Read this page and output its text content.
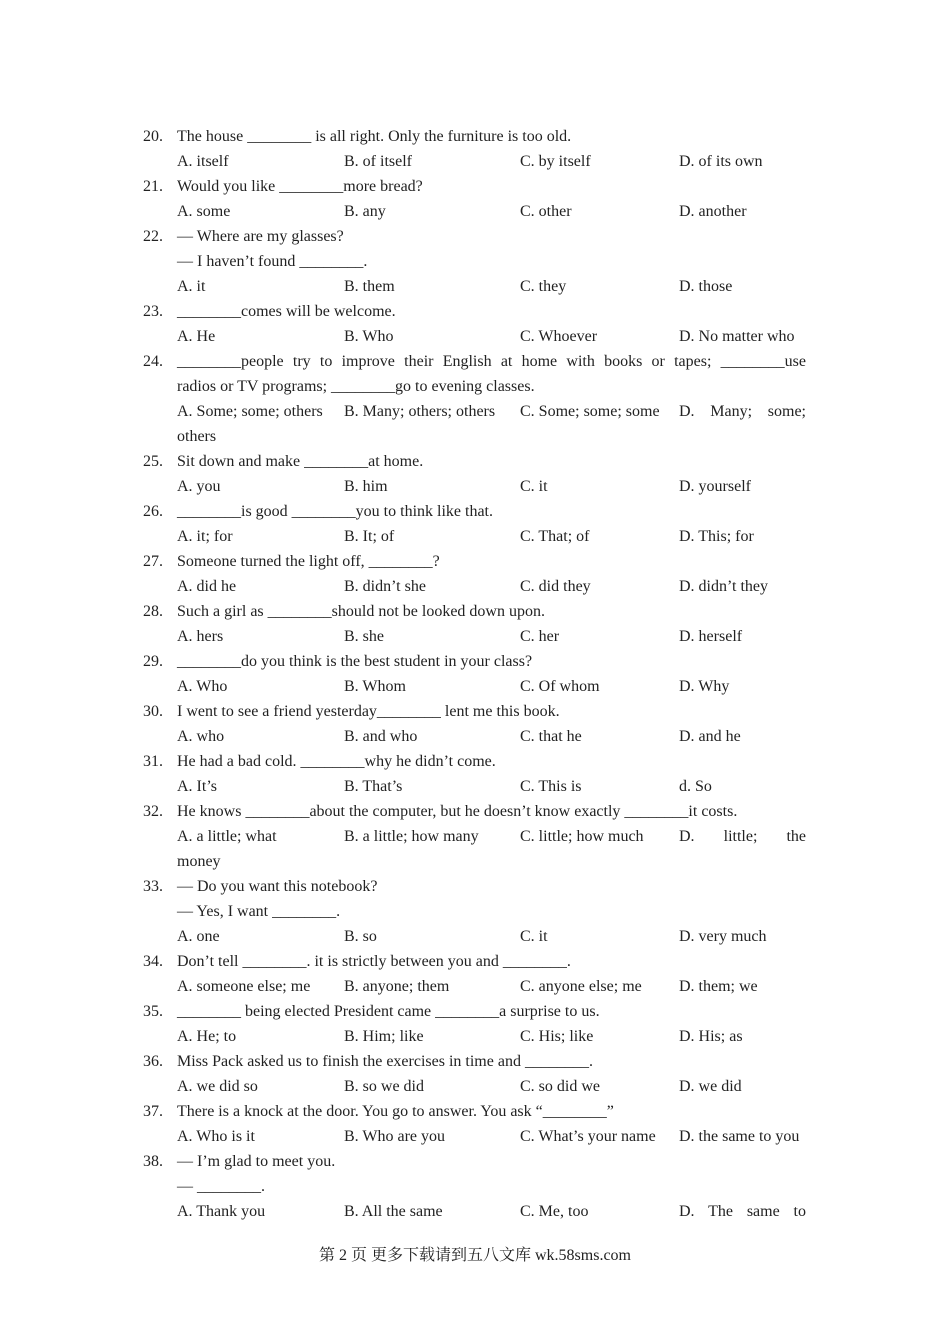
20. The house ________ is all right. Only the furniture is too old.
A. itself	B. of itself	C. by itself	D. of its own
21. Would you like ________more bread?
A. some	B. any	C. other	D. another
22. — Where are my glasses?
— I haven’t found ________.
A. it	B. them	C. they	D. those
23. ________comes will be welcome.
A. He	B. Who	C. Whoever	D. No matter who
24. ________people try to improve their English at home with books or tapes; ________use
radios or TV programs; ________go to evening classes.
A. Some; some; others B. Many; others; others C. Some; some; some D. Many; some;
others
25. Sit down and make ________at home.
A. you	B. him	C. it	D. yourself
26. ________is good ________you to think like that.
A. it; for	B. It; of	C. That; of	D. This; for
27. Someone turned the light off, ________?
A. did he	B. didn’t she	C. did they	D. didn’t they
28. Such a girl as ________should not be looked down upon.
A. hers	B. she	C. her	D. herself
29. ________do you think is the best student in your class?
A. Who	B. Whom	C. Of whom	D. Why
30. I went to see a friend yesterday________ lent me this book.
A. who	B. and who	C. that he	D. and he
31. He had a bad cold. ________why he didn’t come.
A. It’s	B. That’s	C. This is	d. So
32. He knows ________about the computer, but he doesn’t know exactly ________it costs.
A. a little; what	B. a little; how many	C. little; how much D. little; the
money
33. — Do you want this notebook?
— Yes, I want ________.
A. one	B. so	C. it	D. very much
34. Don’t tell ________. it is strictly between you and ________.
A. someone else; me B. anyone; them	C. anyone else; me D. them; we
35. ________ being elected President came ________a surprise to us.
A. He; to	B. Him; like	C. His; like	D. His; as
36. Miss Pack asked us to finish the exercises in time and ________.
A. we did so	B. so we did	C. so did we	D. we did
37. There is a knock at the door. You go to answer. You ask “________”
A. Who is it	B. Who are you	C. What’s your name D. the same to you
38. — I’m glad to meet you.
— ________.
A. Thank you	B. All the same	C. Me, too	D. The same to
第 2 页 更多下载请到五八文库 wk.58sms.com
